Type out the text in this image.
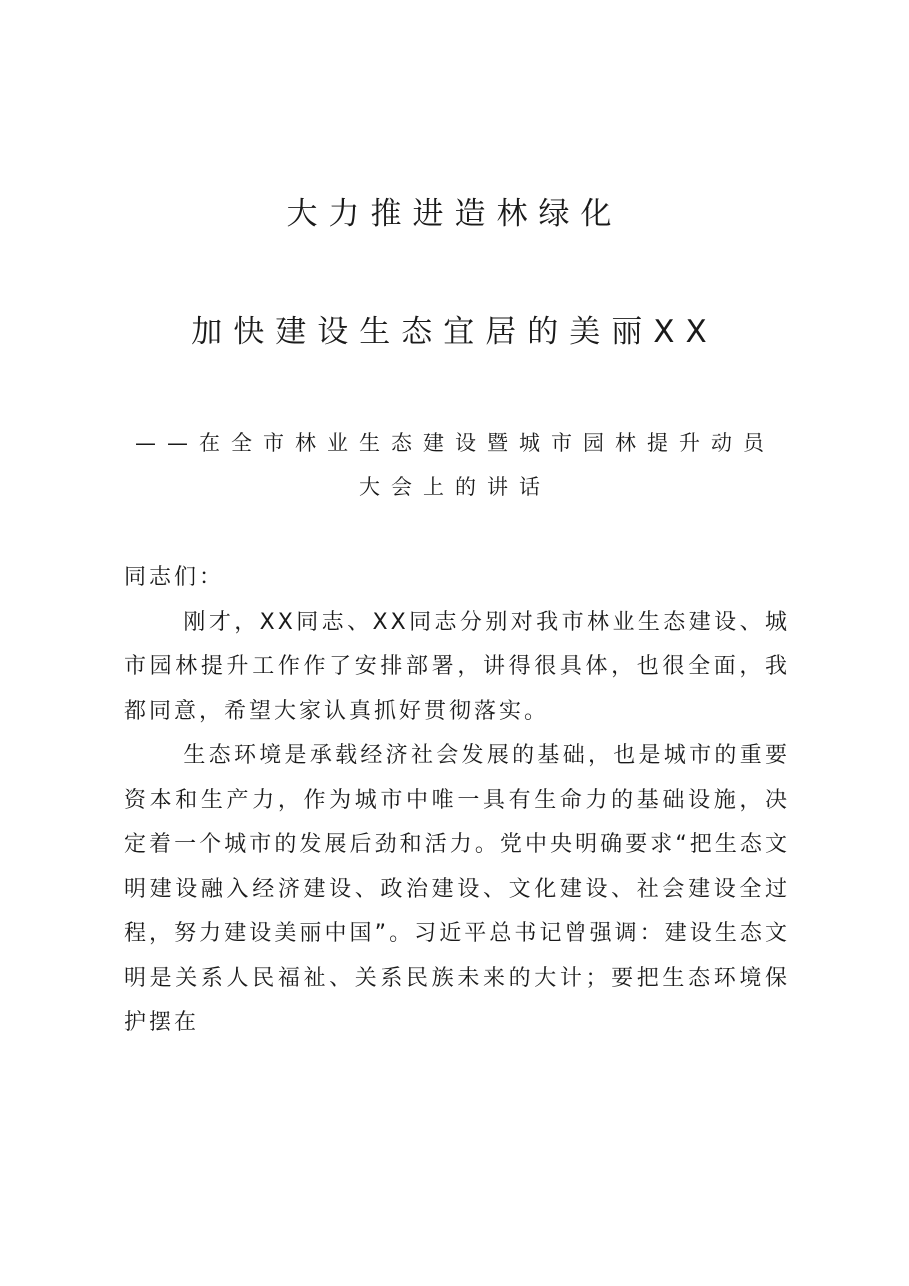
大力推进造林绿化
加快建设生态宜居的美丽XX
——在全市林业生态建设暨城市园林提升动员大会上的讲话

同志们：

刚才，XX同志、XX同志分别对我市林业生态建设、城市园林提升工作作了安排部署，讲得很具体，也很全面，我都同意，希望大家认真抓好贯彻落实。

生态环境是承载经济社会发展的基础，也是城市的重要资本和生产力，作为城市中唯一具有生命力的基础设施，决定着一个城市的发展后劲和活力。党中央明确要求“把生态文明建设融入经济建设、政治建设、文化建设、社会建设全过程，努力建设美丽中国”。习近平总书记曾强调：建设生态文明是关系人民福祉、关系民族未来的大计；要把生态环境保护摆在
